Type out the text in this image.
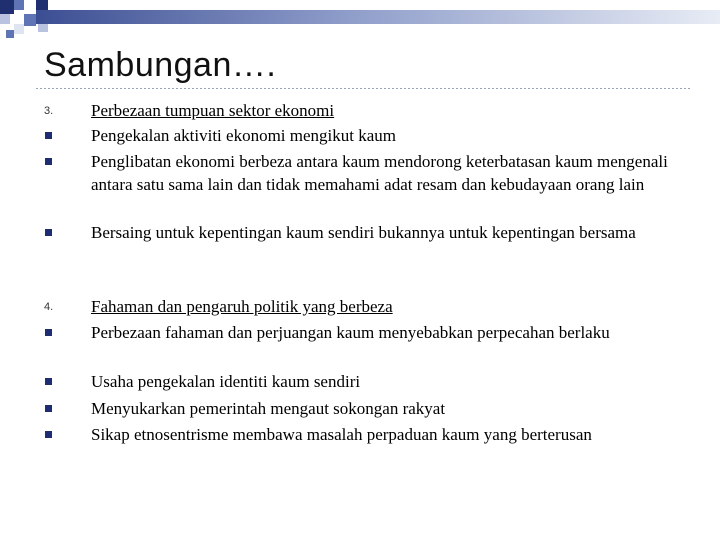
Sambungan….
3. Perbezaan tumpuan sektor ekonomi
Pengekalan aktiviti ekonomi mengikut kaum
Penglibatan ekonomi berbeza antara kaum mendorong keterbatasan kaum mengenali antara satu sama lain dan tidak memahami adat resam dan kebudayaan orang lain
Bersaing untuk kepentingan kaum sendiri bukannya untuk kepentingan bersama
4. Fahaman dan pengaruh politik yang berbeza
Perbezaan fahaman dan perjuangan kaum menyebabkan perpecahan berlaku
Usaha pengekalan identiti kaum sendiri
Menyukarkan pemerintah mengaut sokongan rakyat
Sikap etnosentrisme membawa masalah perpaduan kaum yang berterusan
